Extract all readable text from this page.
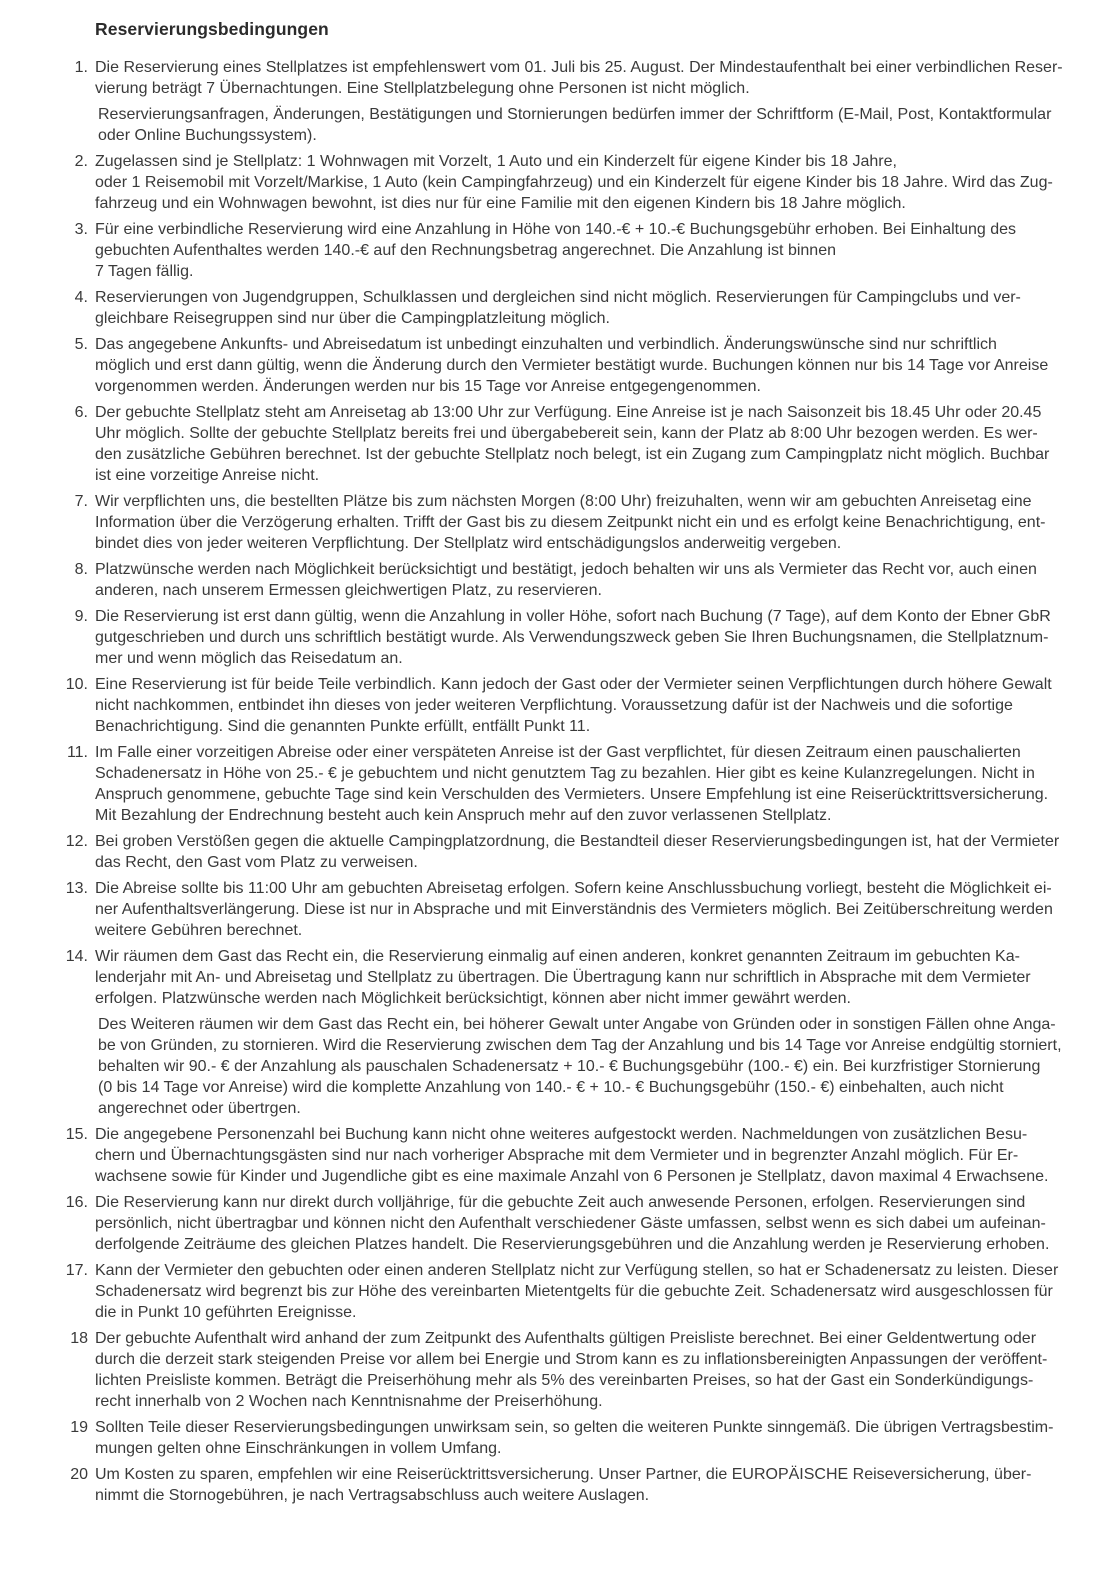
Reservierungsbedingungen
1. Die Reservierung eines Stellplatzes ist empfehlenswert vom 01. Juli bis 25. August. Der Mindestaufenthalt bei einer verbindlichen Reser-
vierung beträgt 7 Übernachtungen. Eine Stellplatzbelegung ohne Personen ist nicht möglich.
Reservierungsanfragen, Änderungen, Bestätigungen und Stornierungen bedürfen immer der Schriftform (E-Mail, Post, Kontaktformular
oder Online Buchungssystem).
2. Zugelassen sind je Stellplatz: 1 Wohnwagen mit Vorzelt, 1 Auto und ein Kinderzelt für eigene Kinder bis 18 Jahre,
oder 1 Reisemobil mit Vorzelt/Markise, 1 Auto (kein Campingfahrzeug) und ein Kinderzelt für eigene Kinder bis 18 Jahre. Wird das Zug-
fahrzeug und ein Wohnwagen bewohnt, ist dies nur für eine Familie mit den eigenen Kindern bis 18 Jahre möglich.
3. Für eine verbindliche Reservierung wird eine Anzahlung in Höhe von 140.-€ + 10.-€ Buchungsgebühr erhoben. Bei Einhaltung des
gebuchten Aufenthaltes werden 140.-€ auf den Rechnungsbetrag angerechnet. Die Anzahlung ist binnen
7 Tagen fällig.
4. Reservierungen von Jugendgruppen, Schulklassen und dergleichen sind nicht möglich. Reservierungen für Campingclubs und ver-
gleichbare Reisegruppen sind nur über die Campingplatzleitung möglich.
5. Das angegebene Ankunfts- und Abreisedatum ist unbedingt einzuhalten und verbindlich. Änderungswünsche sind nur schriftlich
möglich und erst dann gültig, wenn die Änderung durch den Vermieter bestätigt wurde. Buchungen können nur bis 14 Tage vor Anreise
vorgenommen werden. Änderungen werden nur bis 15 Tage vor Anreise entgegengenommen.
6. Der gebuchte Stellplatz steht am Anreisetag ab 13:00 Uhr zur Verfügung. Eine Anreise ist je nach Saisonzeit bis 18.45 Uhr oder 20.45
Uhr möglich. Sollte der gebuchte Stellplatz bereits frei und übergabebereit sein, kann der Platz ab 8:00 Uhr bezogen werden. Es wer-
den zusätzliche Gebühren berechnet. Ist der gebuchte Stellplatz noch belegt, ist ein Zugang zum Campingplatz nicht möglich. Buchbar
ist eine vorzeitige Anreise nicht.
7. Wir verpflichten uns, die bestellten Plätze bis zum nächsten Morgen (8:00 Uhr) freizuhalten, wenn wir am gebuchten Anreisetag eine
Information über die Verzögerung erhalten. Trifft der Gast bis zu diesem Zeitpunkt nicht ein und es erfolgt keine Benachrichtigung, ent-
bindet dies von jeder weiteren Verpflichtung. Der Stellplatz wird entschädigungslos anderweitig vergeben.
8. Platzwünsche werden nach Möglichkeit berücksichtigt und bestätigt, jedoch behalten wir uns als Vermieter das Recht vor, auch einen
anderen, nach unserem Ermessen gleichwertigen Platz, zu reservieren.
9. Die Reservierung ist erst dann gültig, wenn die Anzahlung in voller Höhe, sofort nach Buchung (7 Tage), auf dem Konto der Ebner GbR
gutgeschrieben und durch uns schriftlich bestätigt wurde. Als Verwendungszweck geben Sie Ihren Buchungsnamen, die Stellplatznum-
mer und wenn möglich das Reisedatum an.
10. Eine Reservierung ist für beide Teile verbindlich. Kann jedoch der Gast oder der Vermieter seinen Verpflichtungen durch höhere Gewalt
nicht nachkommen, entbindet ihn dieses von jeder weiteren Verpflichtung. Voraussetzung dafür ist der Nachweis und die sofortige
Benachrichtigung. Sind die genannten Punkte erfüllt, entfällt Punkt 11.
11. Im Falle einer vorzeitigen Abreise oder einer verspäteten Anreise ist der Gast verpflichtet, für diesen Zeitraum einen pauschalierten
Schadenersatz in Höhe von 25.- € je gebuchtem und nicht genutztem Tag zu bezahlen. Hier gibt es keine Kulanzregelungen. Nicht in
Anspruch genommene, gebuchte Tage sind kein Verschulden des Vermieters. Unsere Empfehlung ist eine Reiserücktrittsversicherung.
Mit Bezahlung der Endrechnung besteht auch kein Anspruch mehr auf den zuvor verlassenen Stellplatz.
12. Bei groben Verstößen gegen die aktuelle Campingplatzordnung, die Bestandteil dieser Reservierungsbedingungen ist, hat der Vermieter
das Recht, den Gast vom Platz zu verweisen.
13. Die Abreise sollte bis 11:00 Uhr am gebuchten Abreisetag erfolgen. Sofern keine Anschlussbuchung vorliegt, besteht die Möglichkeit ei-
ner Aufenthaltsverlängerung. Diese ist nur in Absprache und mit Einverständnis des Vermieters möglich. Bei Zeitüberschreitung werden
weitere Gebühren berechnet.
14. Wir räumen dem Gast das Recht ein, die Reservierung einmalig auf einen anderen, konkret genannten Zeitraum im gebuchten Ka-
lenderjahr mit An- und Abreisetag und Stellplatz zu übertragen. Die Übertragung kann nur schriftlich in Absprache mit dem Vermieter
erfolgen. Platzwünsche werden nach Möglichkeit berücksichtigt, können aber nicht immer gewährt werden.
Des Weiteren räumen wir dem Gast das Recht ein, bei höherer Gewalt unter Angabe von Gründen oder in sonstigen Fällen ohne Anga-
be von Gründen, zu stornieren. Wird die Reservierung zwischen dem Tag der Anzahlung und bis 14 Tage vor Anreise endgültig storniert,
behalten wir 90.- € der Anzahlung als pauschalen Schadenersatz + 10.- € Buchungsgebühr (100.- €) ein. Bei kurzfristiger Stornierung
(0 bis 14 Tage vor Anreise) wird die komplette Anzahlung von 140.- € + 10.- € Buchungsgebühr (150.- €) einbehalten, auch nicht
angerechnet oder übertrgen.
15. Die angegebene Personenzahl bei Buchung kann nicht ohne weiteres aufgestockt werden. Nachmeldungen von zusätzlichen Besu-
chern und Übernachtungsgästen sind nur nach vorheriger Absprache mit dem Vermieter und in begrenzter Anzahl möglich. Für Er-
wachsene sowie für Kinder und Jugendliche gibt es eine maximale Anzahl von 6 Personen je Stellplatz, davon maximal 4 Erwachsene.
16. Die Reservierung kann nur direkt durch volljährige, für die gebuchte Zeit auch anwesende Personen, erfolgen. Reservierungen sind
persönlich, nicht übertragbar und können nicht den Aufenthalt verschiedener Gäste umfassen, selbst wenn es sich dabei um aufeinan-
derfolgende Zeiträume des gleichen Platzes handelt. Die Reservierungsgebühren und die Anzahlung werden je Reservierung erhoben.
17. Kann der Vermieter den gebuchten oder einen anderen Stellplatz nicht zur Verfügung stellen, so hat er Schadenersatz zu leisten. Dieser
Schadenersatz wird begrenzt bis zur Höhe des vereinbarten Mietentgelts für die gebuchte Zeit. Schadenersatz wird ausgeschlossen für
die in Punkt 10 geführten Ereignisse.
18 Der gebuchte Aufenthalt wird anhand der zum Zeitpunkt des Aufenthalts gültigen Preisliste berechnet. Bei einer Geldentwertung oder
durch die derzeit stark steigenden Preise vor allem bei Energie und Strom kann es zu inflationsbereinigten Anpassungen der veröffent-
lichten Preisliste kommen. Beträgt die Preiserhöhung mehr als 5% des vereinbarten Preises, so hat der Gast ein Sonderkündigungs-
recht innerhalb von 2 Wochen nach Kenntnisnahme der Preiserhöhung.
19 Sollten Teile dieser Reservierungsbedingungen unwirksam sein, so gelten die weiteren Punkte sinngemäß. Die übrigen Vertragsbestim-
mungen gelten ohne Einschränkungen in vollem Umfang.
20 Um Kosten zu sparen, empfehlen wir eine Reiserücktrittsversicherung. Unser Partner, die EUROPÄISCHE Reiseversicherung, über-
nimmt die Stornogebühren, je nach Vertragsabschluss auch weitere Auslagen.
